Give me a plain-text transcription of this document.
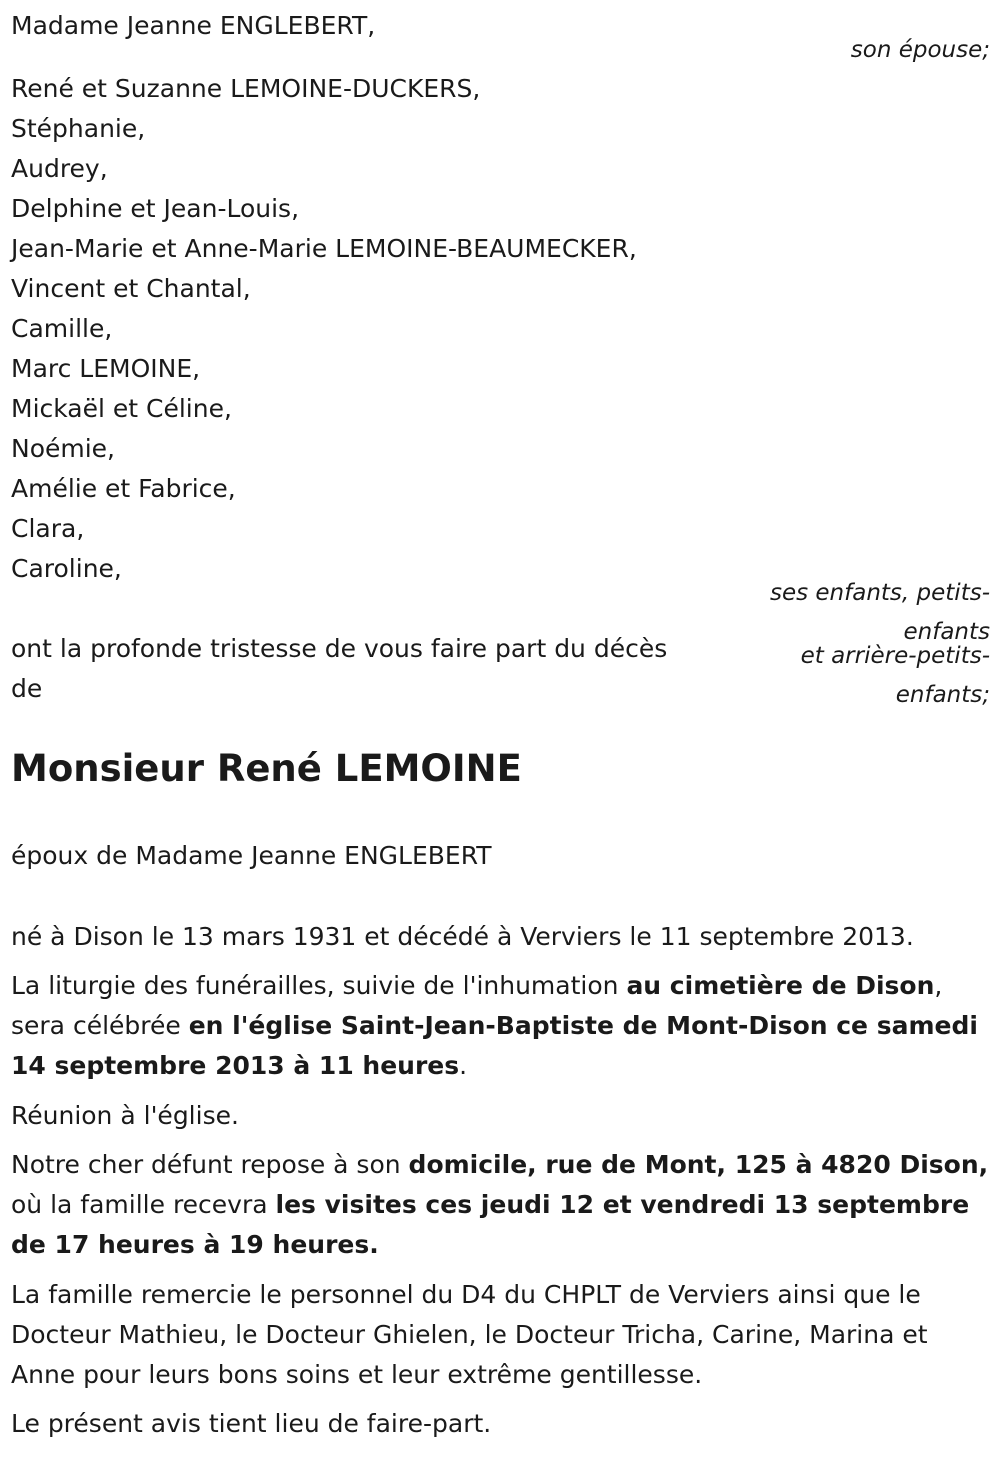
Madame Jeanne ENGLEBERT,

son épouse;

René et Suzanne LEMOINE-DUCKERS,

Stéphanie,

Audrey,

Delphine et Jean-Louis,

Jean-Marie et Anne-Marie LEMOINE-BEAUMECKER,

Vincent et Chantal,

Camille,

Marc LEMOINE,

Mickaël et Céline,

Noémie,

Amélie et Fabrice,

Clara,

Caroline,

ses enfants, petits-

enfants

et arrière-petits-

enfants;

ont la profonde tristesse de vous faire part du décès

de

Monsieur René LEMOINE

époux de Madame Jeanne ENGLEBERT

né à Dison le 13 mars 1931 et décédé à Verviers le 11 septembre 2013.

La liturgie des funérailles, suivie de l'inhumation au cimetière de Dison, sera célébrée en l'église Saint-Jean-Baptiste de Mont-Dison ce samedi 14 septembre 2013 à 11 heures.

Réunion à l'église.

Notre cher défunt repose à son domicile, rue de Mont, 125 à 4820 Dison, où la famille recevra les visites ces jeudi 12 et vendredi 13 septembre de 17 heures à 19 heures.

La famille remercie le personnel du D4 du CHPLT de Verviers ainsi que le Docteur Mathieu, le Docteur Ghielen, le Docteur Tricha, Carine, Marina et Anne pour leurs bons soins et leur extrême gentillesse.

Le présent avis tient lieu de faire-part.
